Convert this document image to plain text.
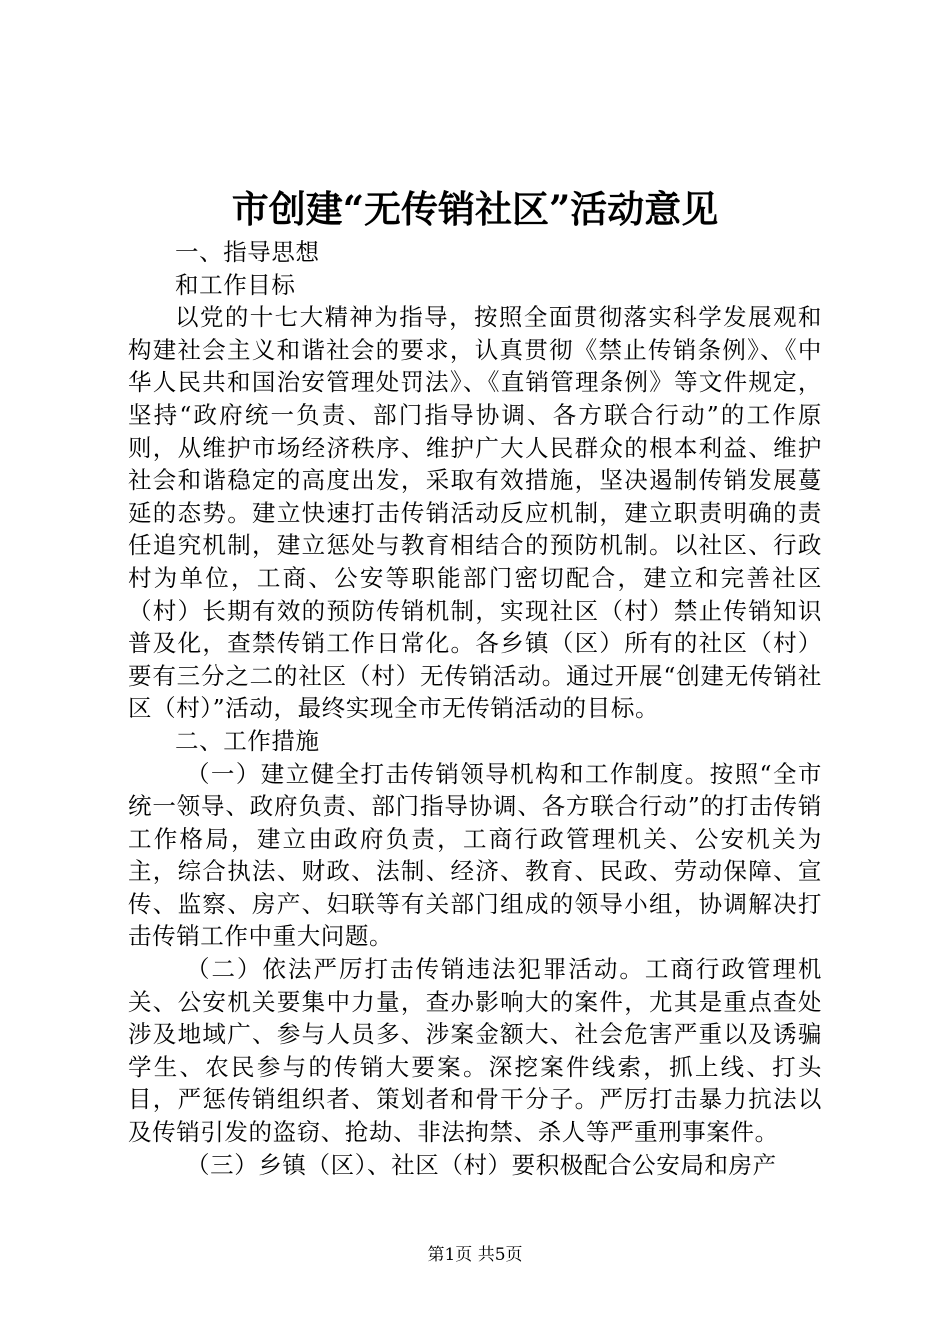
市创建“无传销社区”活动意见

一、指导思想

和工作目标

以党的十七大精神为指导，按照全面贯彻落实科学发展观和构建社会主义和谐社会的要求，认真贯彻《禁止传销条例》、《中华人民共和国治安管理处罚法》、《直销管理条例》等文件规定，坚持“政府统一负责、部门指导协调、各方联合行动”的工作原则，从维护市场经济秩序、维护广大人民群众的根本利益、维护社会和谐稳定的高度出发，采取有效措施，坚决遏制传销发展蔓延的态势。建立快速打击传销活动反应机制，建立职责明确的责任追究机制，建立惩处与教育相结合的预防机制。以社区、行政村为单位，工商、公安等职能部门密切配合，建立和完善社区（村）长期有效的预防传销机制，实现社区（村）禁止传销知识普及化，查禁传销工作日常化。各乡镇（区）所有的社区（村）要有三分之二的社区（村）无传销活动。通过开展“创建无传销社区（村）”活动，最终实现全市无传销活动的目标。

二、工作措施

（一）建立健全打击传销领导机构和工作制度。按照“全市统一领导、政府负责、部门指导协调、各方联合行动”的打击传销工作格局，建立由政府负责，工商行政管理机关、公安机关为主，综合执法、财政、法制、经济、教育、民政、劳动保障、宣传、监察、房产、妇联等有关部门组成的领导小组，协调解决打击传销工作中重大问题。

（二）依法严厉打击传销违法犯罪活动。工商行政管理机关、公安机关要集中力量，查办影响大的案件，尤其是重点查处涉及地域广、参与人员多、涉案金额大、社会危害严重以及诱骗学生、农民参与的传销大要案。深挖案件线索，抓上线、打头目，严惩传销组织者、策划者和骨干分子。严厉打击暴力抗法以及传销引发的盗窃、抢劫、非法拘禁、杀人等严重刑事案件。

（三）乡镇（区）、社区（村）要积极配合公安局和房产

第1页 共5页
